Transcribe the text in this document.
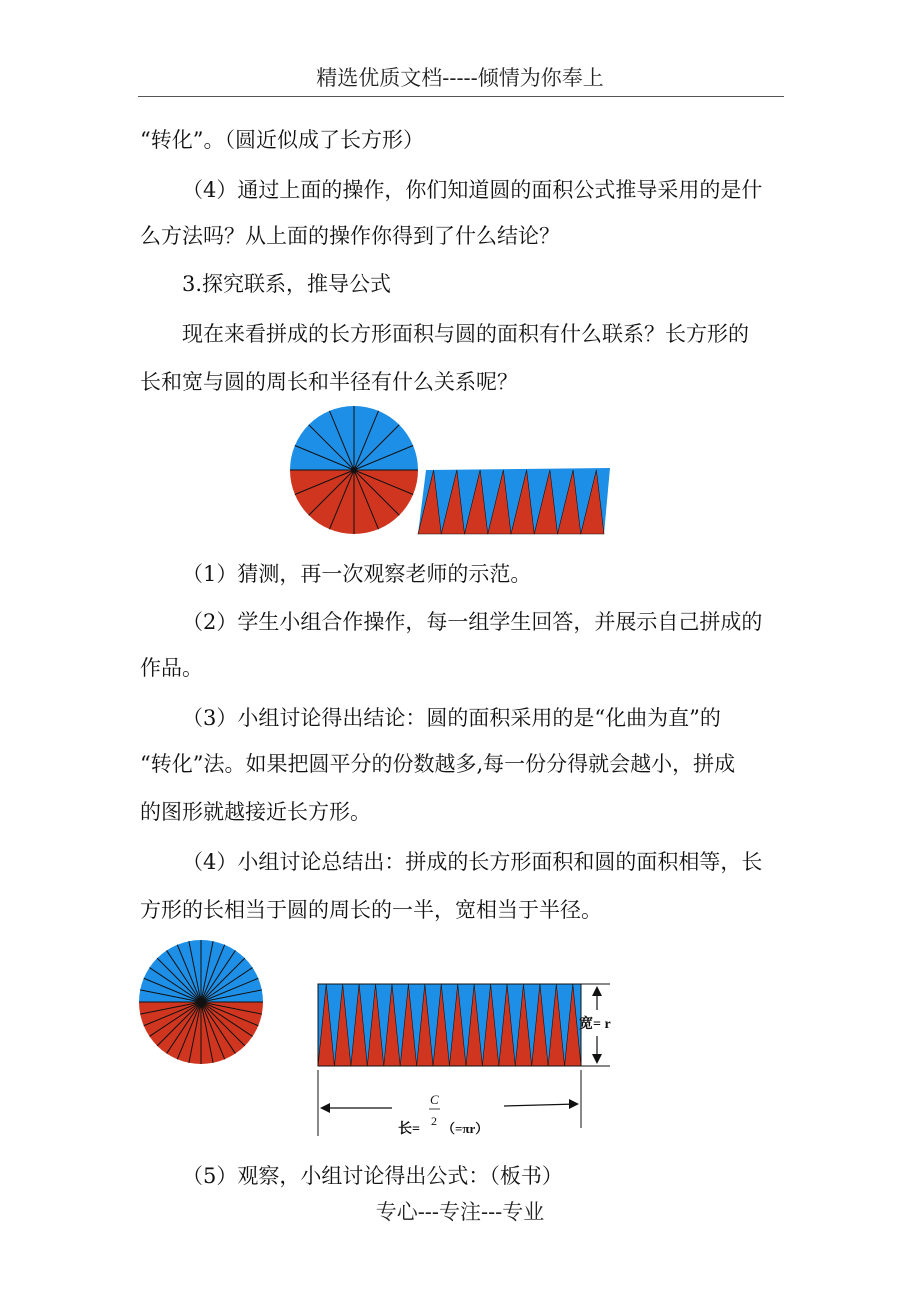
精选优质文档-----倾情为你奉上
“转化”。（圆近似成了长方形）
（4）通过上面的操作，你们知道圆的面积公式推导采用的是什
么方法吗？从上面的操作你得到了什么结论？
3.探究联系，推导公式
现在来看拼成的长方形面积与圆的面积有什么联系？长方形的
长和宽与圆的周长和半径有什么关系呢？
（1）猜测，再一次观察老师的示范。
（2）学生小组合作操作，每一组学生回答，并展示自己拼成的
作品。
（3）小组讨论得出结论：圆的面积采用的是“化曲为直”的
“转化”法。如果把圆平分的份数越多,每一份分得就会越小，拼成
的图形就越接近长方形。
（4）小组讨论总结出：拼成的长方形面积和圆的面积相等，长
方形的长相当于圆的周长的一半，宽相当于半径。
宽= r
长=
C
2 （=πr）
（5）观察，小组讨论得出公式：（板书）
专心---专注---专业
